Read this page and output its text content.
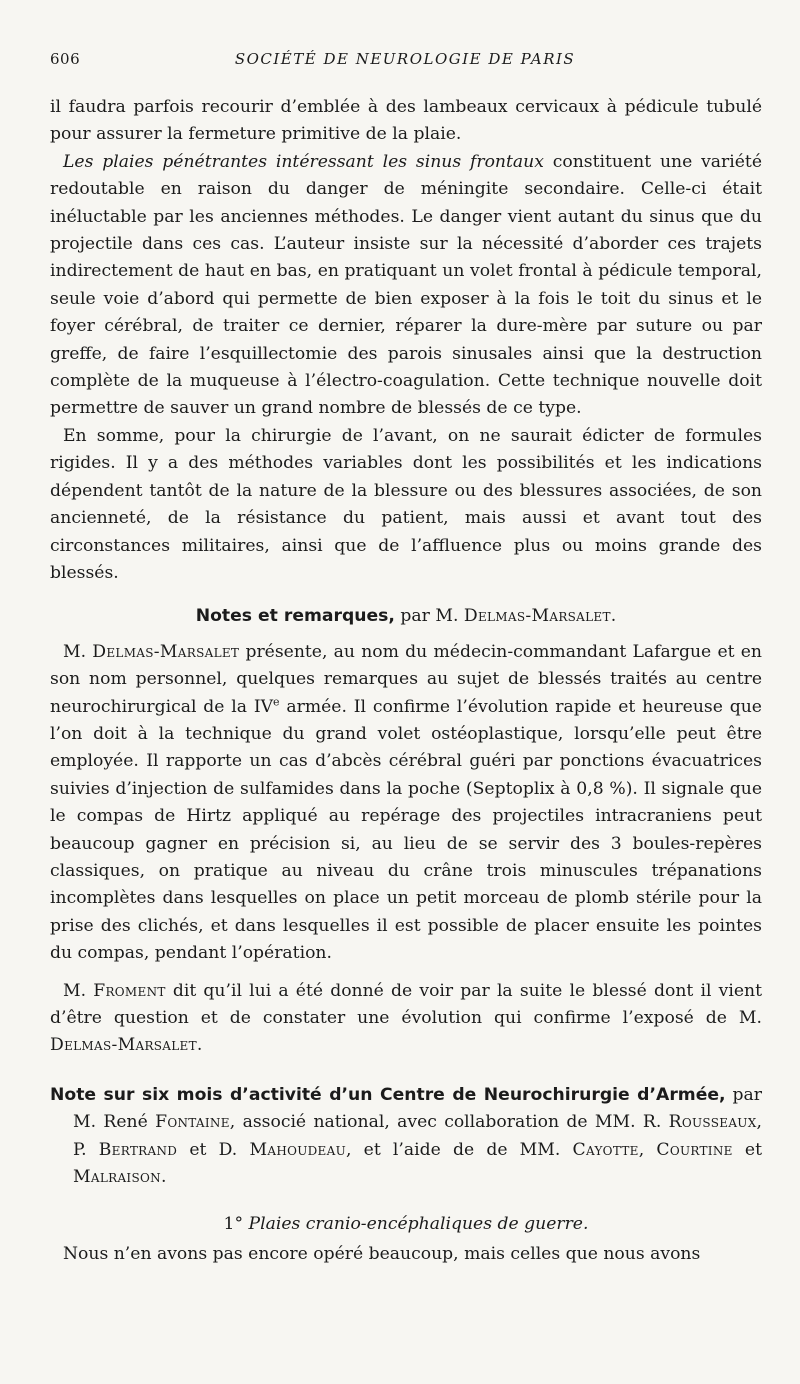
606	SOCIÉTÉ DE NEUROLOGIE DE PARIS

il faudra parfois recourir d’emblée à des lambeaux cervicaux à pédicule tubulé pour assurer la fermeture primitive de la plaie.

Les plaies pénétrantes intéressant les sinus frontaux constituent une variété redoutable en raison du danger de méningite secondaire. Celle-ci était inéluctable par les anciennes méthodes. Le danger vient autant du sinus que du projectile dans ces cas. L’auteur insiste sur la nécessité d’aborder ces trajets indirectement de haut en bas, en pratiquant un volet frontal à pédicule temporal, seule voie d’abord qui permette de bien exposer à la fois le toit du sinus et le foyer cérébral, de traiter ce dernier, réparer la dure-mère par suture ou par greffe, de faire l’esquillectomie des parois sinusales ainsi que la destruction complète de la muqueuse à l’électro-coagulation. Cette technique nouvelle doit permettre de sauver un grand nombre de blessés de ce type.

En somme, pour la chirurgie de l’avant, on ne saurait édicter de formules rigides. Il y a des méthodes variables dont les possibilités et les indications dépendent tantôt de la nature de la blessure ou des blessures associées, de son ancienneté, de la résistance du patient, mais aussi et avant tout des circonstances militaires, ainsi que de l’affluence plus ou moins grande des blessés.

Notes et remarques, par M. Delmas-Marsalet.

M. Delmas-Marsalet présente, au nom du médecin-commandant Lafargue et en son nom personnel, quelques remarques au sujet de blessés traités au centre neurochirurgical de la IVe armée. Il confirme l’évolution rapide et heureuse que l’on doit à la technique du grand volet ostéoplastique, lorsqu’elle peut être employée. Il rapporte un cas d’abcès cérébral guéri par ponctions évacuatrices suivies d’injection de sulfamides dans la poche (Septoplix à 0,8 %). Il signale que le compas de Hirtz appliqué au repérage des projectiles intracraniens peut beaucoup gagner en précision si, au lieu de se servir des 3 boules-repères classiques, on pratique au niveau du crâne trois minuscules trépanations incomplètes dans lesquelles on place un petit morceau de plomb stérile pour la prise des clichés, et dans lesquelles il est possible de placer ensuite les pointes du compas, pendant l’opération.

M. Froment dit qu’il lui a été donné de voir par la suite le blessé dont il vient d’être question et de constater une évolution qui confirme l’exposé de M. Delmas-Marsalet.

Note sur six mois d’activité d’un Centre de Neurochirurgie d’Armée, par M. René Fontaine, associé national, avec collaboration de MM. R. Rousseaux, P. Bertrand et D. Mahoudeau, et l’aide de de MM. Cayotte, Courtine et Malraison.

1° Plaies cranio-encéphaliques de guerre.

Nous n’en avons pas encore opéré beaucoup, mais celles que nous avons
